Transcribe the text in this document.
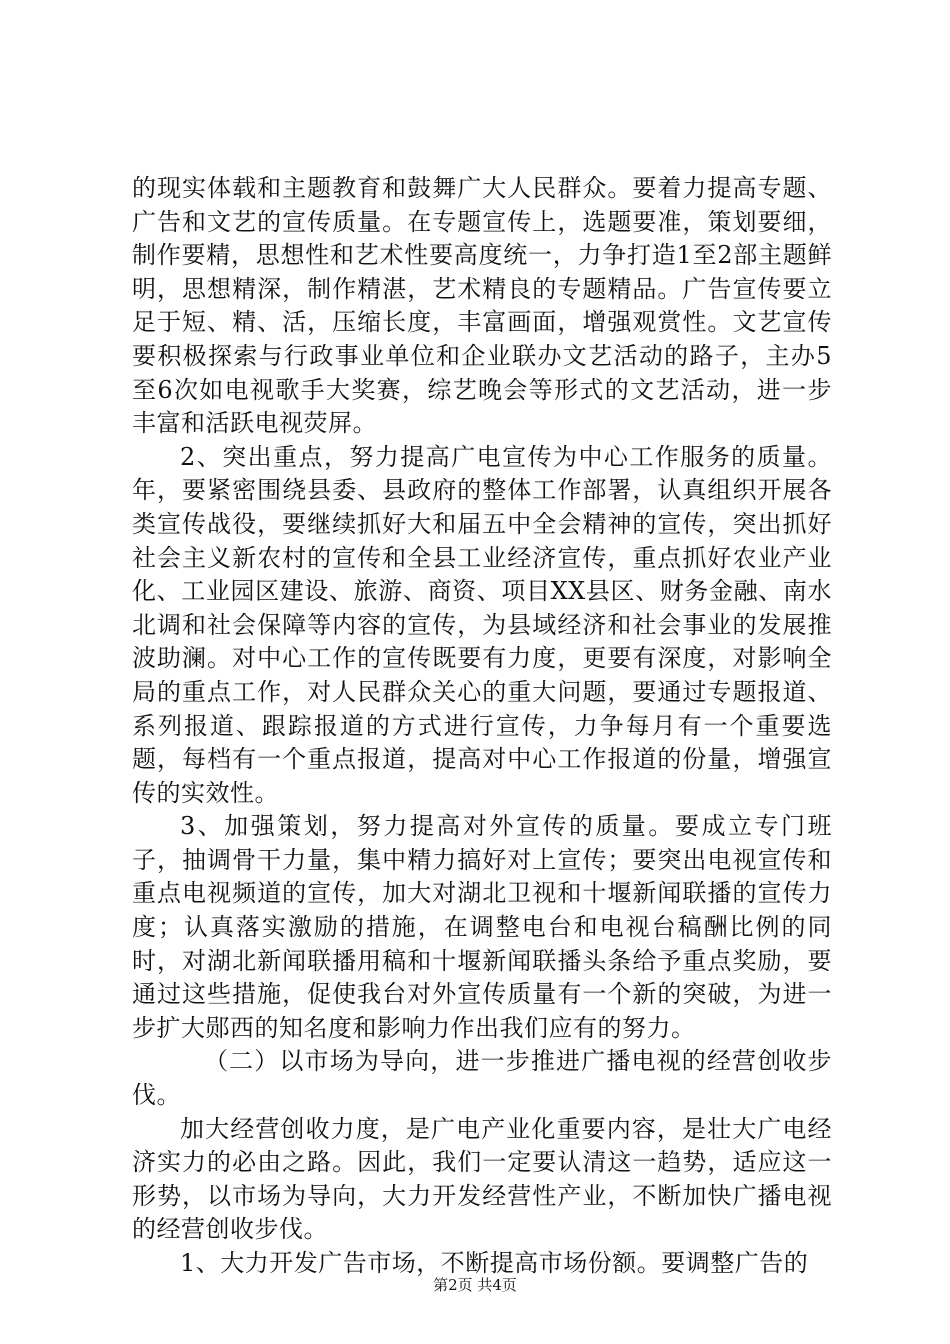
的现实体载和主题教育和鼓舞广大人民群众。要着力提高专题、广告和文艺的宣传质量。在专题宣传上，选题要准，策划要细，制作要精，思想性和艺术性要高度统一，力争打造1至2部主题鲜明，思想精深，制作精湛，艺术精良的专题精品。广告宣传要立足于短、精、活，压缩长度，丰富画面，增强观赏性。文艺宣传要积极探索与行政事业单位和企业联办文艺活动的路子，主办5至6次如电视歌手大奖赛，综艺晚会等形式的文艺活动，进一步丰富和活跃电视荧屏。

2、突出重点，努力提高广电宣传为中心工作服务的质量。年，要紧密围绕县委、县政府的整体工作部署，认真组织开展各类宣传战役，要继续抓好大和届五中全会精神的宣传，突出抓好社会主义新农村的宣传和全县工业经济宣传，重点抓好农业产业化、工业园区建设、旅游、商资、项目XX县区、财务金融、南水北调和社会保障等内容的宣传，为县域经济和社会事业的发展推波助澜。对中心工作的宣传既要有力度，更要有深度，对影响全局的重点工作，对人民群众关心的重大问题，要通过专题报道、系列报道、跟踪报道的方式进行宣传，力争每月有一个重要选题，每档有一个重点报道，提高对中心工作报道的份量，增强宣传的实效性。

3、加强策划，努力提高对外宣传的质量。要成立专门班子，抽调骨干力量，集中精力搞好对上宣传；要突出电视宣传和重点电视频道的宣传，加大对湖北卫视和十堰新闻联播的宣传力度；认真落实激励的措施，在调整电台和电视台稿酬比例的同时，对湖北新闻联播用稿和十堰新闻联播头条给予重点奖励，要通过这些措施，促使我台对外宣传质量有一个新的突破，为进一步扩大郧西的知名度和影响力作出我们应有的努力。

（二）以市场为导向，进一步推进广播电视的经营创收步伐。

加大经营创收力度，是广电产业化重要内容，是壮大广电经济实力的必由之路。因此，我们一定要认清这一趋势，适应这一形势，以市场为导向，大力开发经营性产业，不断加快广播电视的经营创收步伐。

1、大力开发广告市场，不断提高市场份额。要调整广告的

第2页 共4页
